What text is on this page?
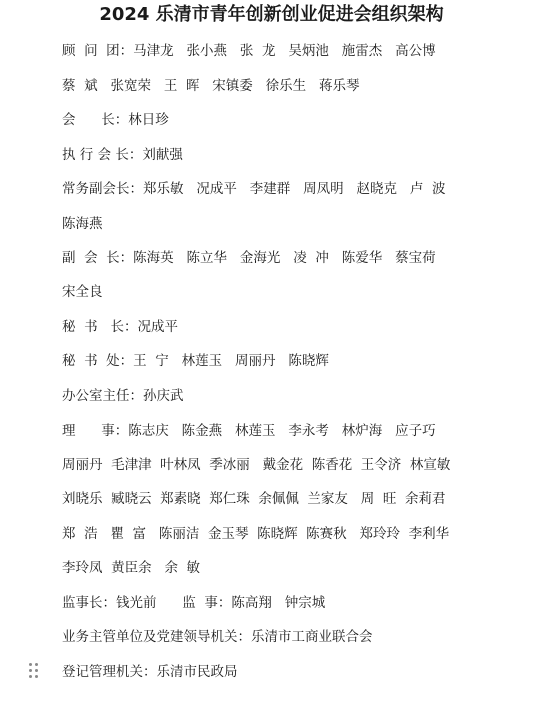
2024 乐清市青年创新创业促进会组织架构
顾  问  团：马津龙   张小燕   张  龙   吴炳池   施雷杰   高公博
蔡  斌   张宽荣   王  晖   宋镇委   徐乐生   蒋乐琴
会      长：林日珍
执 行 会 长：刘献强
常务副会长：郑乐敏   况成平   李建群   周凤明   赵晓克   卢  波
陈海燕
副  会  长：陈海英   陈立华   金海光   凌  冲   陈爱华   蔡宝荷
宋全良
秘  书   长：况成平
秘  书  处：王  宁   林莲玉   周丽丹   陈晓辉
办公室主任：孙庆武
理      事：陈志庆   陈金燕   林莲玉   李永考   林炉海   应子巧
周丽丹  毛津津  叶林凤  季冰丽   戴金花  陈香花  王令济  林宣敏
刘晓乐  臧晓云  郑素晓  郑仁珠  余佩佩  兰家友   周  旺  余莉君
郑  浩   瞿  富   陈丽洁  金玉琴  陈晓辉  陈赛秋   郑玲玲  李利华
李玲凤  黄臣余   余  敏
监事长：钱光前      监  事：陈高翔   钟宗城
业务主管单位及党建领导机关：乐清市工商业联合会
登记管理机关：乐清市民政局
